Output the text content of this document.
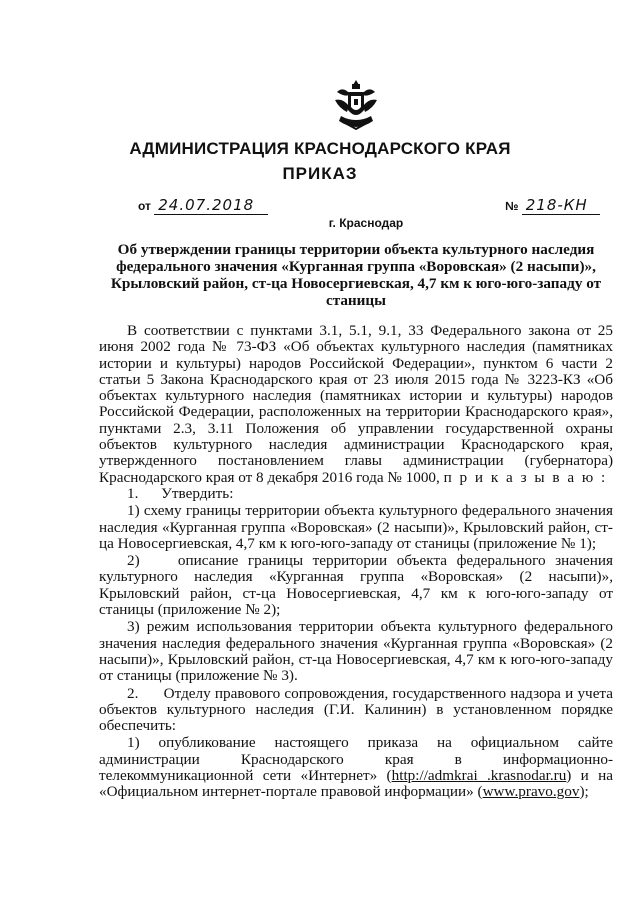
АДМИНИСТРАЦИЯ КРАСНОДАРСКОГО КРАЯ
ПРИКАЗ
от 24.07.2018	№ 218-КН
г. Краснодар
Об утверждении границы территории объекта культурного наследия федерального значения «Курганная группа «Воровская» (2 насыпи)», Крыловский район, ст-ца Новосергиевская, 4,7 км к юго-юго-западу от станицы

В соответствии с пунктами 3.1, 5.1, 9.1, 33 Федерального закона от 25 июня 2002 года № 73-ФЗ «Об объектах культурного наследия (памятниках истории и культуры) народов Российской Федерации», пунктом 6 части 2 статьи 5 Закона Краснодарского края от 23 июля 2015 года № 3223-КЗ «Об объектах культурного наследия (памятниках истории и культуры) народов Российской Федерации, расположенных на территории Краснодарского края», пунктами 2.3, 3.11 Положения об управлении государственной охраны объектов культурного наследия администрации Краснодарского края, утвержденного постановлением главы администрации (губернатора) Краснодарского края от 8 декабря 2016 года № 1000, п р и к а з ы в а ю :

1.      Утвердить:

1) схему границы территории объекта культурного федерального значения наследия «Курганная группа «Воровская» (2 насыпи)», Крыловский район, ст-ца Новосергиевская, 4,7 км к юго-юго-западу от станицы (приложение № 1);

2)    описание границы территории объекта федерального значения культурного наследия «Курганная группа «Воровская» (2 насыпи)», Крыловский район, ст-ца Новосергиевская, 4,7 км к юго-юго-западу от станицы (приложение № 2);

3) режим использования территории объекта культурного федерального значения наследия федерального значения «Курганная группа «Воровская» (2 насыпи)», Крыловский район, ст-ца Новосергиевская, 4,7 км к юго-юго-западу от станицы (приложение № 3).

2.      Отделу правового сопровождения, государственного надзора и учета объектов культурного наследия (Г.И. Калинин) в установленном порядке обеспечить:

1) опубликование настоящего приказа на официальном сайте администрации Краснодарского края в информационно-телекоммуникационной сети «Интернет» (http://admkrai .krasnodar.ru) и на «Официальном интернет-портале правовой информации» (www.pravo.gov);
